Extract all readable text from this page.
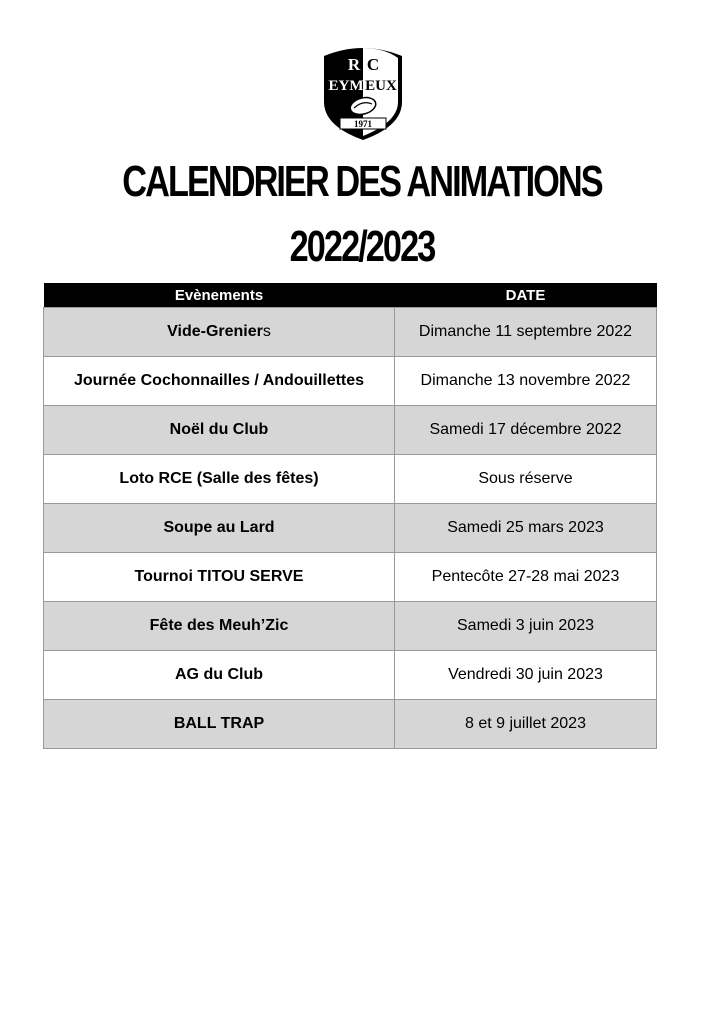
R C
EYM EUX
1971
CALENDRIER DES ANIMATIONS
2022/2023
Evènements	DATE
Vide-Greniers	Dimanche 11 septembre 2022
Journée Cochonnailles / Andouillettes	Dimanche 13 novembre 2022
Noël du Club	Samedi 17 décembre 2022
Loto RCE (Salle des fêtes)	Sous réserve
Soupe au Lard	Samedi 25 mars 2023
Tournoi TITOU SERVE	Pentecôte 27-28 mai 2023
Fête des Meuh’Zic	Samedi 3 juin 2023
AG du Club	Vendredi 30 juin 2023
BALL TRAP	8 et 9 juillet 2023
